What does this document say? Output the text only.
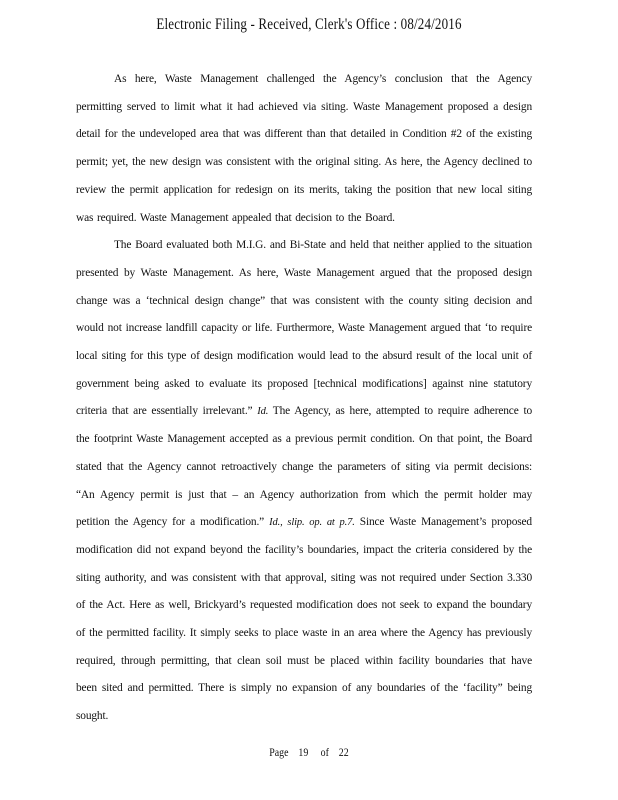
Electronic Filing - Received, Clerk's Office : 08/24/2016
As here, Waste Management challenged the Agency’s conclusion that the Agency permitting served to limit what it had achieved via siting. Waste Management proposed a design detail for the undeveloped area that was different than that detailed in Condition #2 of the existing permit; yet, the new design was consistent with the original siting. As here, the Agency declined to review the permit application for redesign on its merits, taking the position that new local siting was required. Waste Management appealed that decision to the Board.
The Board evaluated both M.I.G. and Bi-State and held that neither applied to the situation presented by Waste Management. As here, Waste Management argued that the proposed design change was a ‘technical design change” that was consistent with the county siting decision and would not increase landfill capacity or life. Furthermore, Waste Management argued that ‘to require local siting for this type of design modification would lead to the absurd result of the local unit of government being asked to evaluate its proposed [technical modifications] against nine statutory criteria that are essentially irrelevant.” Id. The Agency, as here, attempted to require adherence to the footprint Waste Management accepted as a previous permit condition. On that point, the Board stated that the Agency cannot retroactively change the parameters of siting via permit decisions: “An Agency permit is just that – an Agency authorization from which the permit holder may petition the Agency for a modification.” Id., slip. op. at p.7. Since Waste Management’s proposed modification did not expand beyond the facility’s boundaries, impact the criteria considered by the siting authority, and was consistent with that approval, siting was not required under Section 3.330 of the Act. Here as well, Brickyard’s requested modification does not seek to expand the boundary of the permitted facility. It simply seeks to place waste in an area where the Agency has previously required, through permitting, that clean soil must be placed within facility boundaries that have been sited and permitted. There is simply no expansion of any boundaries of the ‘facility” being sought.
Page 19 of 22
